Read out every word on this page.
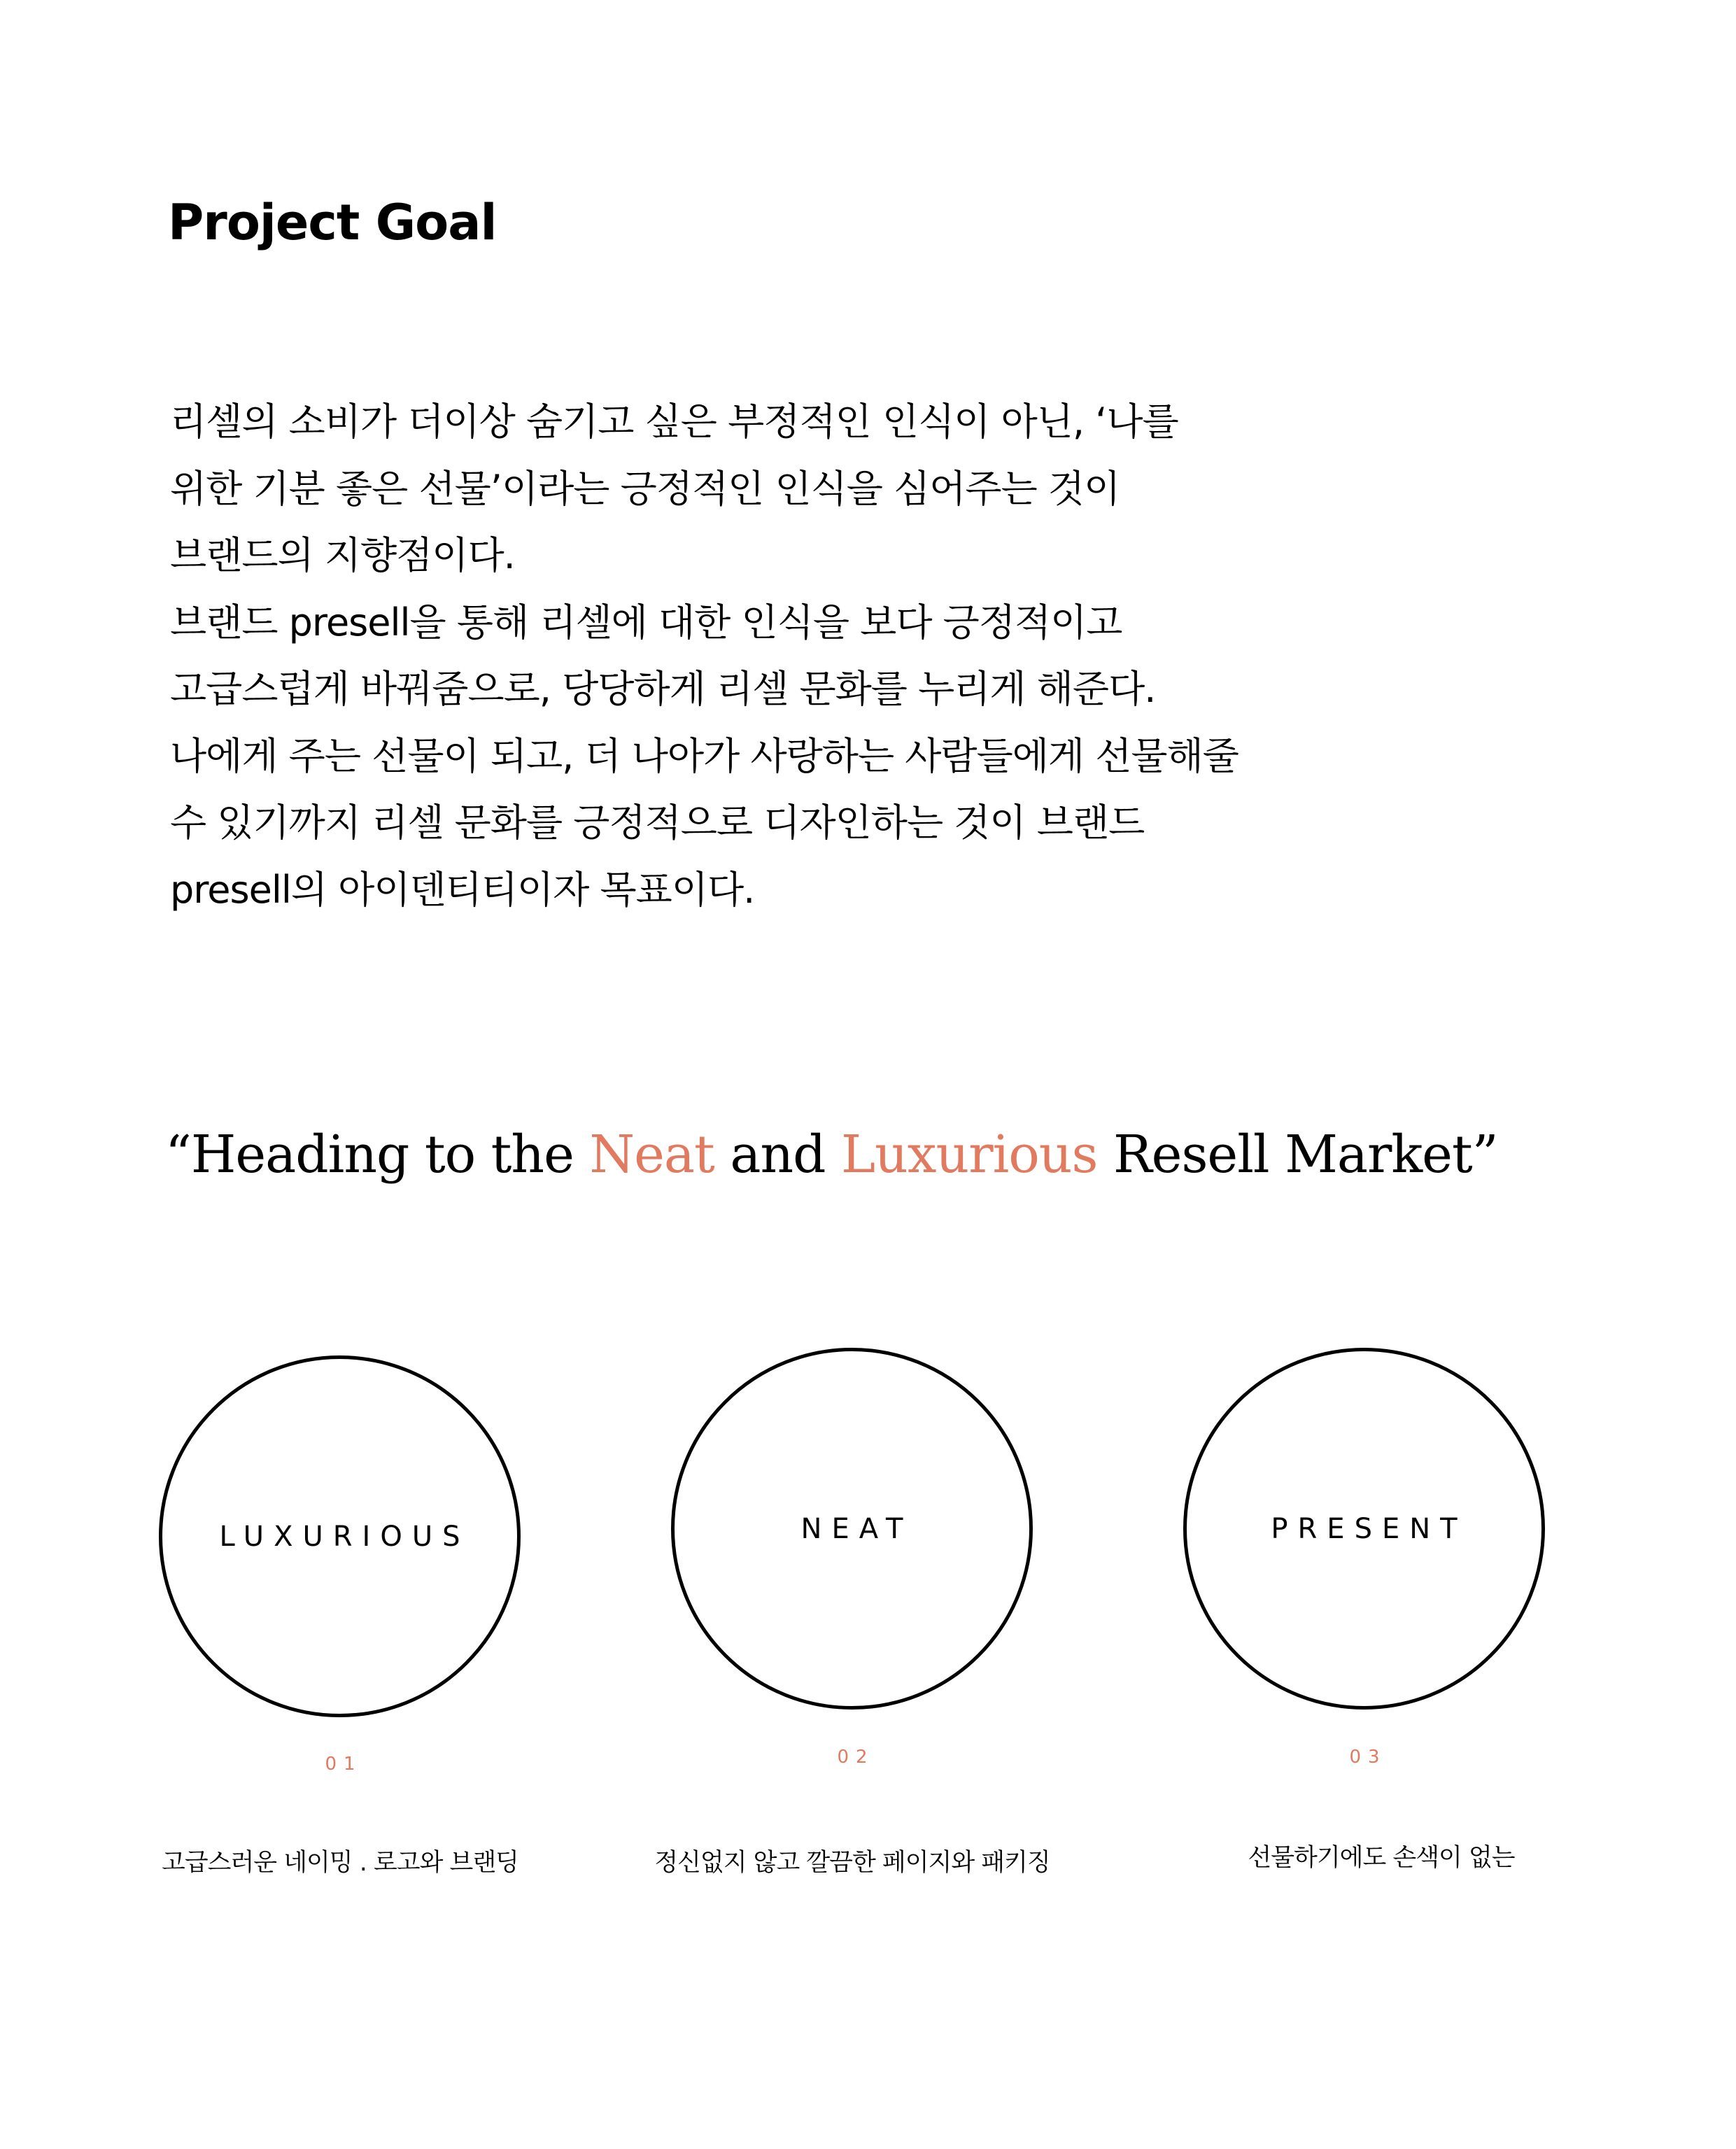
Project Goal
리셀의 소비가 더이상 숨기고 싶은 부정적인 인식이 아닌, ‘나를
위한 기분 좋은 선물’이라는 긍정적인 인식을 심어주는 것이
브랜드의 지향점이다.
브랜드 presell을 통해 리셀에 대한 인식을 보다 긍정적이고
고급스럽게 바꿔줌으로, 당당하게 리셀 문화를 누리게 해준다.
나에게 주는 선물이 되고, 더 나아가 사랑하는 사람들에게 선물해줄
수 있기까지 리셀 문화를 긍정적으로 디자인하는 것이 브랜드
presell의 아이덴티티이자 목표이다.
“Heading to the Neat and Luxurious Resell Market”
LUXURIOUS
01
고급스러운 네이밍 . 로고와 브랜딩
NEAT
02
정신없지 않고 깔끔한 페이지와 패키징
PRESENT
03
선물하기에도 손색이 없는
